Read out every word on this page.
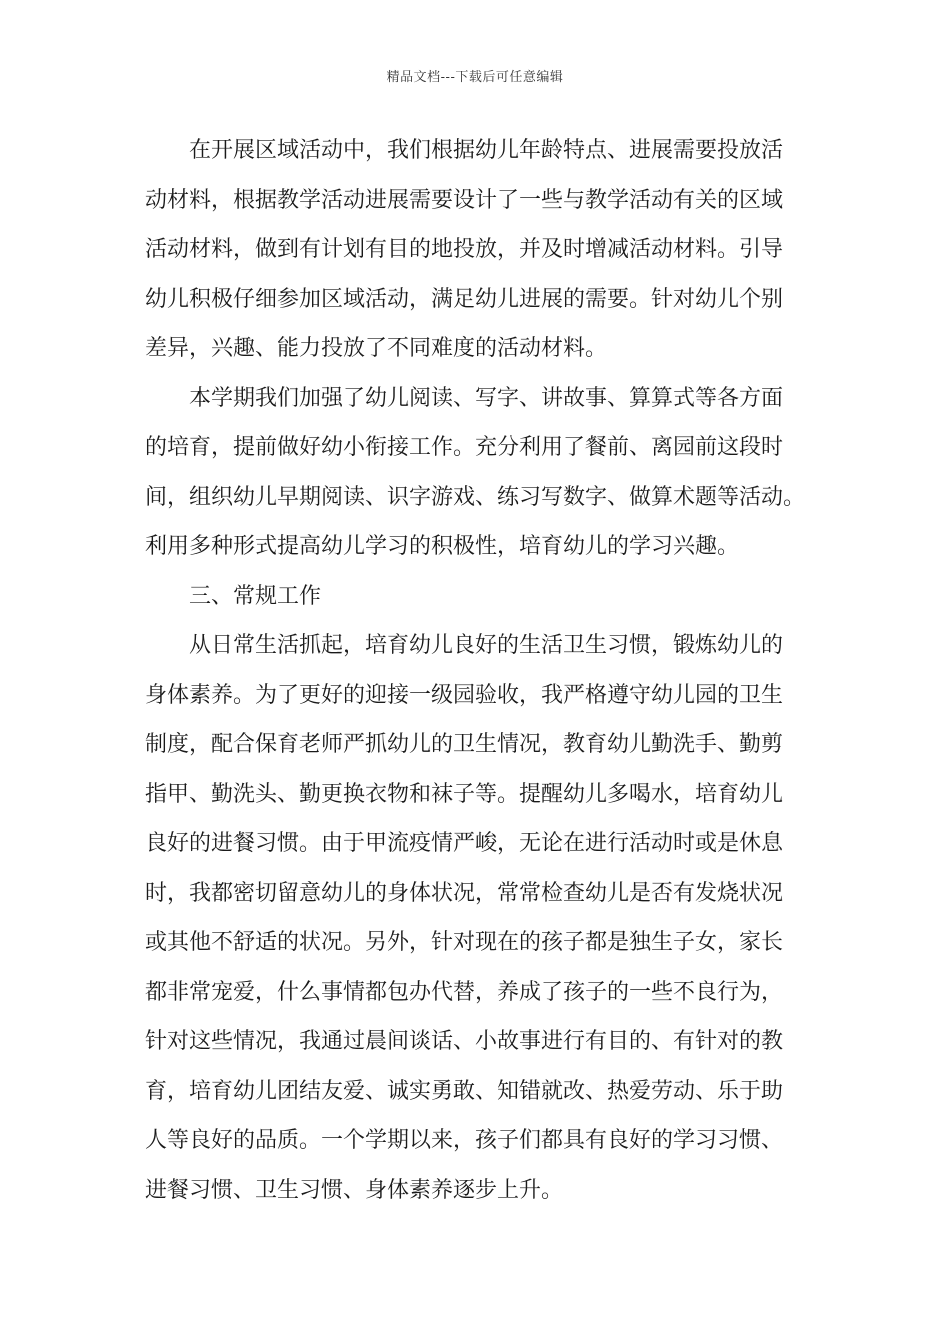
精品文档---下载后可任意编辑
在开展区域活动中，我们根据幼儿年龄特点、进展需要投放活
动材料，根据教学活动进展需要设计了一些与教学活动有关的区域
活动材料，做到有计划有目的地投放，并及时增减活动材料。引导
幼儿积极仔细参加区域活动，满足幼儿进展的需要。针对幼儿个别
差异，兴趣、能力投放了不同难度的活动材料。
本学期我们加强了幼儿阅读、写字、讲故事、算算式等各方面
的培育，提前做好幼小衔接工作。充分利用了餐前、离园前这段时
间，组织幼儿早期阅读、识字游戏、练习写数字、做算术题等活动。
利用多种形式提高幼儿学习的积极性，培育幼儿的学习兴趣。
三、常规工作
从日常生活抓起，培育幼儿良好的生活卫生习惯，锻炼幼儿的
身体素养。为了更好的迎接一级园验收，我严格遵守幼儿园的卫生
制度，配合保育老师严抓幼儿的卫生情况，教育幼儿勤洗手、勤剪
指甲、勤洗头、勤更换衣物和袜子等。提醒幼儿多喝水，培育幼儿
良好的进餐习惯。由于甲流疫情严峻，无论在进行活动时或是休息
时，我都密切留意幼儿的身体状况，常常检查幼儿是否有发烧状况
或其他不舒适的状况。另外，针对现在的孩子都是独生子女，家长
都非常宠爱，什么事情都包办代替，养成了孩子的一些不良行为，
针对这些情况，我通过晨间谈话、小故事进行有目的、有针对的教
育，培育幼儿团结友爱、诚实勇敢、知错就改、热爱劳动、乐于助
人等良好的品质。一个学期以来，孩子们都具有良好的学习习惯、
进餐习惯、卫生习惯、身体素养逐步上升。
